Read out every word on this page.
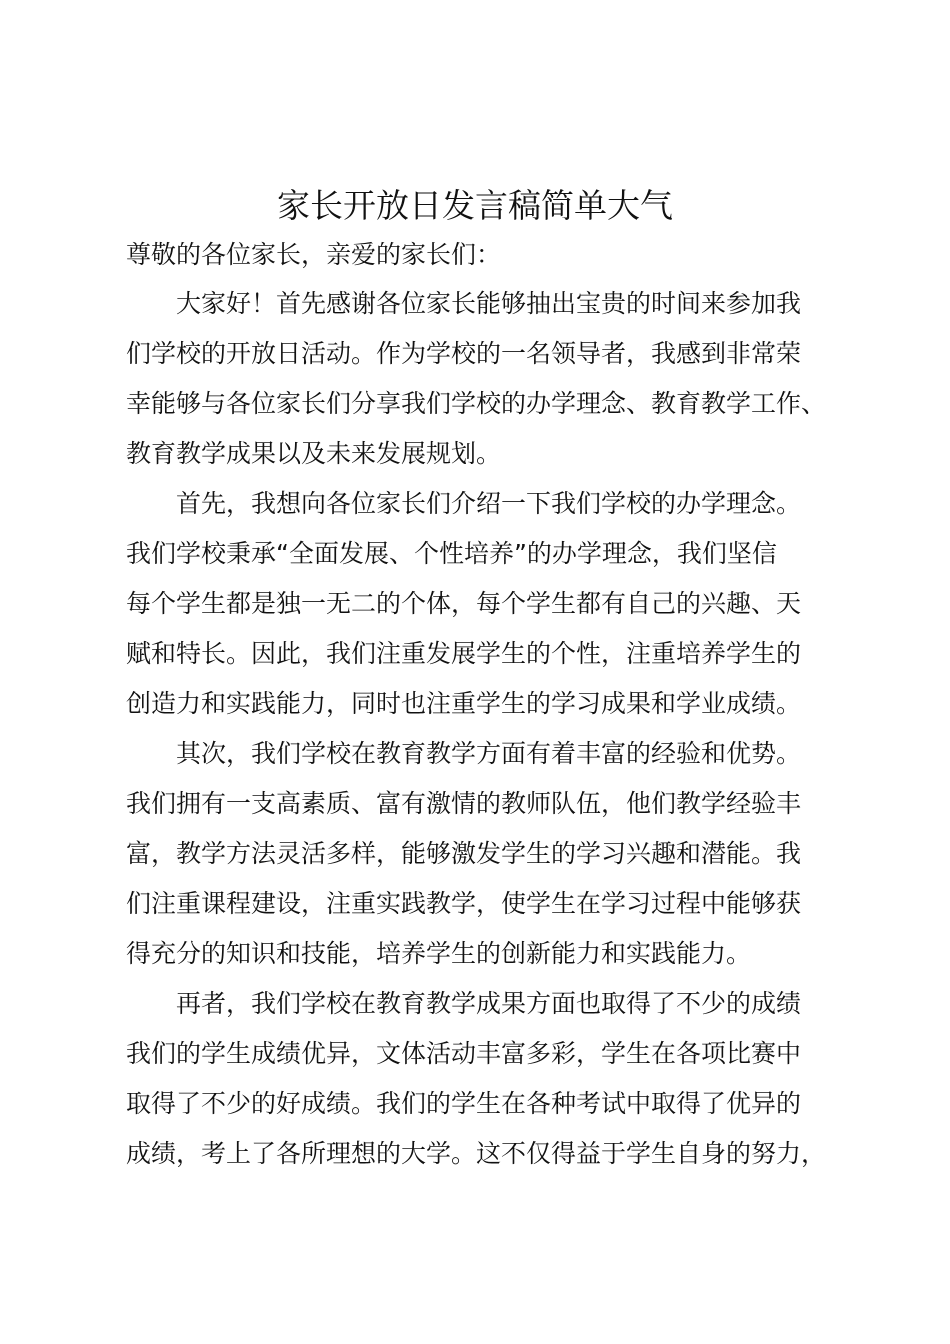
家长开放日发言稿简单大气

尊敬的各位家长，亲爱的家长们：

大家好！首先感谢各位家长能够抽出宝贵的时间来参加我

们学校的开放日活动。作为学校的一名领导者，我感到非常荣

幸能够与各位家长们分享我们学校的办学理念、教育教学工作、

教育教学成果以及未来发展规划。

首先，我想向各位家长们介绍一下我们学校的办学理念。

我们学校秉承“全面发展、个性培养”的办学理念，我们坚信

每个学生都是独一无二的个体，每个学生都有自己的兴趣、天

赋和特长。因此，我们注重发展学生的个性，注重培养学生的

创造力和实践能力，同时也注重学生的学习成果和学业成绩。

其次，我们学校在教育教学方面有着丰富的经验和优势。

我们拥有一支高素质、富有激情的教师队伍，他们教学经验丰

富，教学方法灵活多样，能够激发学生的学习兴趣和潜能。我

们注重课程建设，注重实践教学，使学生在学习过程中能够获

得充分的知识和技能，培养学生的创新能力和实践能力。

再者，我们学校在教育教学成果方面也取得了不少的成绩

我们的学生成绩优异，文体活动丰富多彩，学生在各项比赛中

取得了不少的好成绩。我们的学生在各种考试中取得了优异的

成绩，考上了各所理想的大学。这不仅得益于学生自身的努力，
